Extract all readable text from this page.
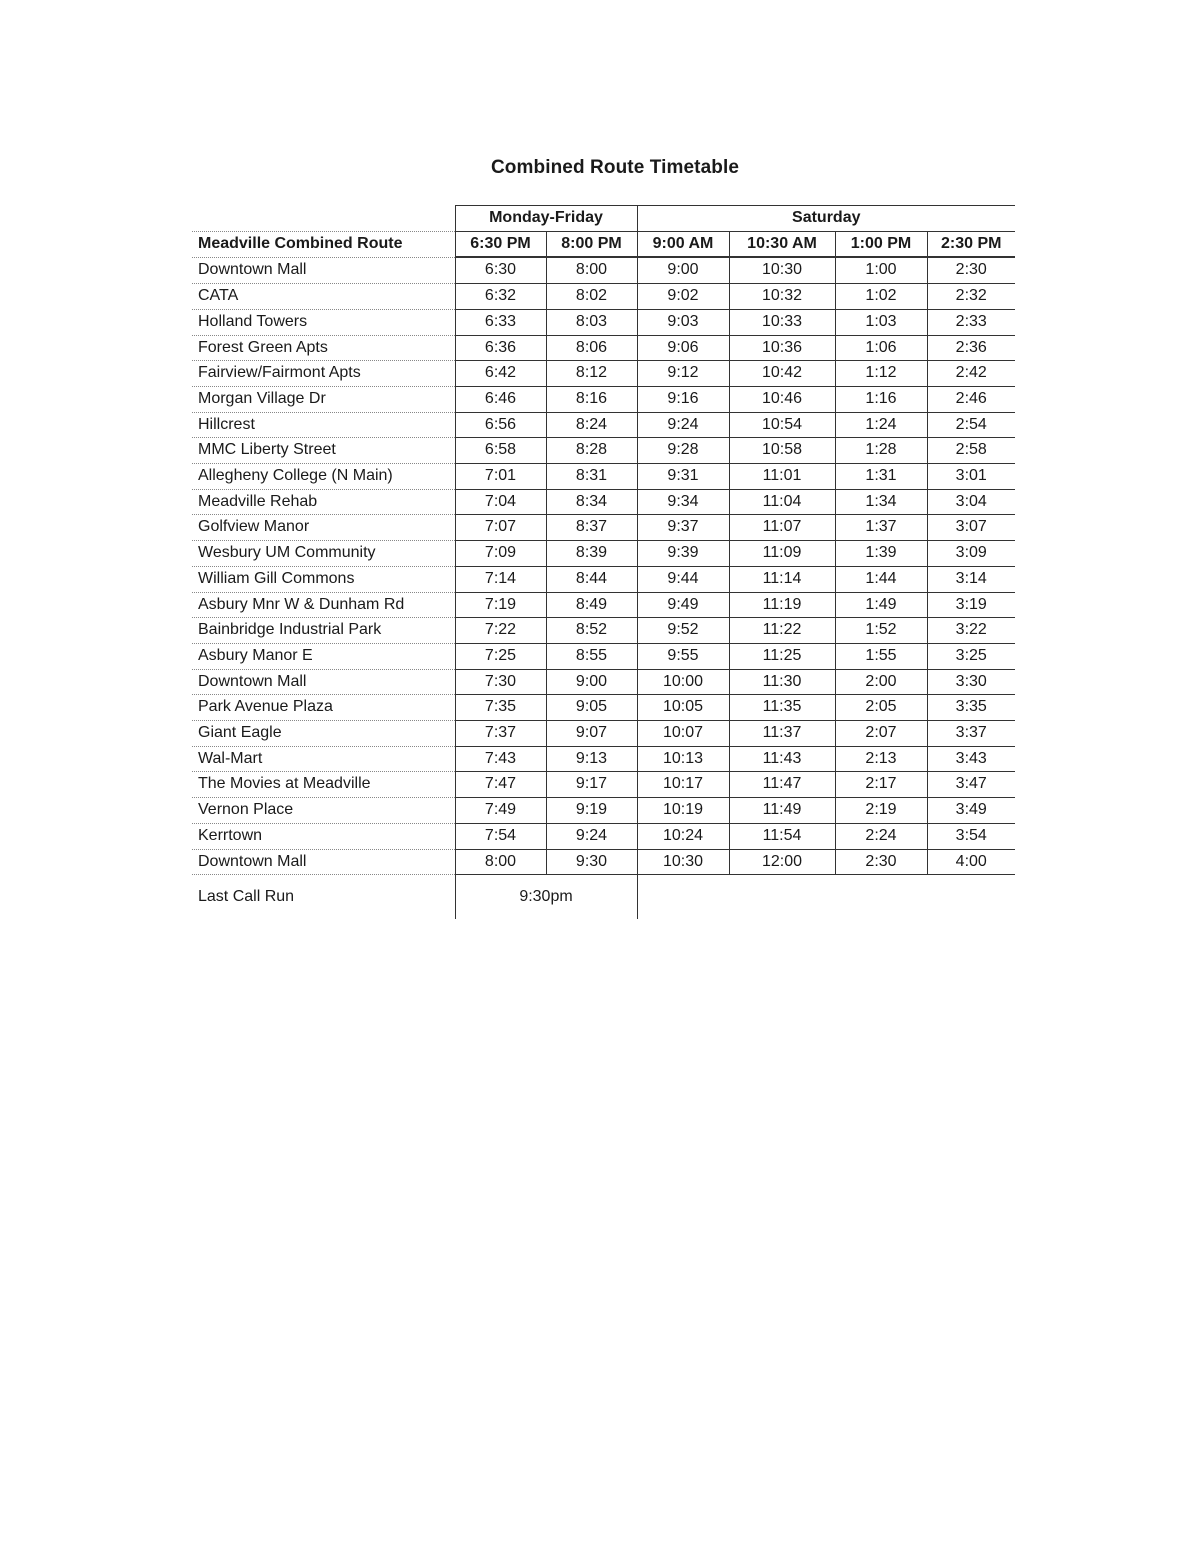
Combined Route Timetable
	Monday-Friday		Saturday			
Meadville Combined Route	6:30 PM	8:00 PM	9:00 AM	10:30 AM	1:00 PM	2:30 PM
Downtown Mall	6:30	8:00	9:00	10:30	1:00	2:30
CATA	6:32	8:02	9:02	10:32	1:02	2:32
Holland Towers	6:33	8:03	9:03	10:33	1:03	2:33
Forest Green Apts	6:36	8:06	9:06	10:36	1:06	2:36
Fairview/Fairmont Apts	6:42	8:12	9:12	10:42	1:12	2:42
Morgan Village Dr	6:46	8:16	9:16	10:46	1:16	2:46
Hillcrest	6:56	8:24	9:24	10:54	1:24	2:54
MMC Liberty Street	6:58	8:28	9:28	10:58	1:28	2:58
Allegheny College (N Main)	7:01	8:31	9:31	11:01	1:31	3:01
Meadville Rehab	7:04	8:34	9:34	11:04	1:34	3:04
Golfview Manor	7:07	8:37	9:37	11:07	1:37	3:07
Wesbury UM Community	7:09	8:39	9:39	11:09	1:39	3:09
William Gill Commons	7:14	8:44	9:44	11:14	1:44	3:14
Asbury Mnr W & Dunham Rd	7:19	8:49	9:49	11:19	1:49	3:19
Bainbridge Industrial Park	7:22	8:52	9:52	11:22	1:52	3:22
Asbury Manor E	7:25	8:55	9:55	11:25	1:55	3:25
Downtown Mall	7:30	9:00	10:00	11:30	2:00	3:30
Park Avenue Plaza	7:35	9:05	10:05	11:35	2:05	3:35
Giant Eagle	7:37	9:07	10:07	11:37	2:07	3:37
Wal-Mart	7:43	9:13	10:13	11:43	2:13	3:43
The Movies at Meadville	7:47	9:17	10:17	11:47	2:17	3:47
Vernon Place	7:49	9:19	10:19	11:49	2:19	3:49
Kerrtown	7:54	9:24	10:24	11:54	2:24	3:54
Downtown Mall	8:00	9:30	10:30	12:00	2:30	4:00
Last Call Run	9:30pm					
